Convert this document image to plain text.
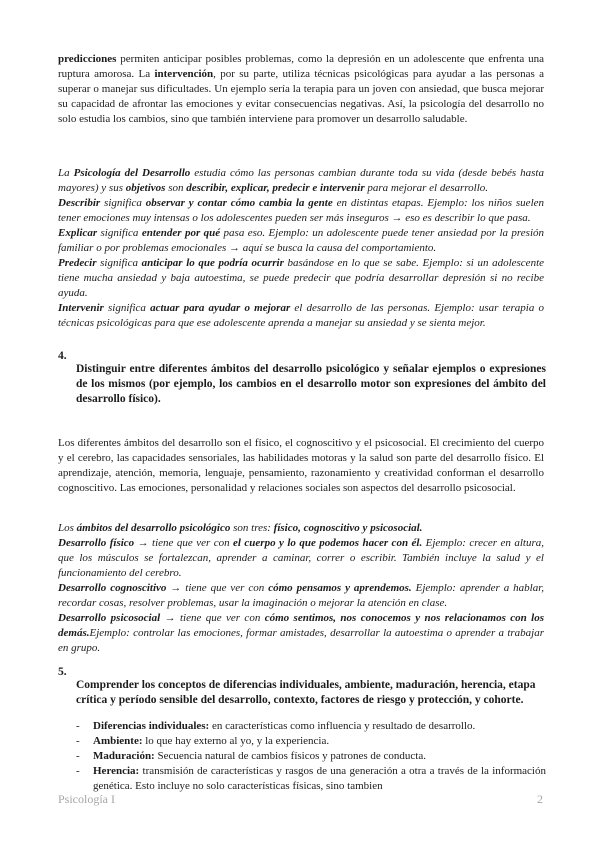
predicciones permiten anticipar posibles problemas, como la depresión en un adolescente que enfrenta una ruptura amorosa. La intervención, por su parte, utiliza técnicas psicológicas para ayudar a las personas a superar o manejar sus dificultades. Un ejemplo sería la terapia para un joven con ansiedad, que busca mejorar su capacidad de afrontar las emociones y evitar consecuencias negativas. Así, la psicología del desarrollo no solo estudia los cambios, sino que también interviene para promover un desarrollo saludable.

La Psicología del Desarrollo estudia cómo las personas cambian durante toda su vida (desde bebés hasta mayores) y sus objetivos son describir, explicar, predecir e intervenir para mejorar el desarrollo.

Describir significa observar y contar cómo cambia la gente en distintas etapas. Ejemplo: los niños suelen tener emociones muy intensas o los adolescentes pueden ser más inseguros → eso es describir lo que pasa.

Explicar significa entender por qué pasa eso. Ejemplo: un adolescente puede tener ansiedad por la presión familiar o por problemas emocionales → aquí se busca la causa del comportamiento.

Predecir significa anticipar lo que podría ocurrir basándose en lo que se sabe. Ejemplo: si un adolescente tiene mucha ansiedad y baja autoestima, se puede predecir que podría desarrollar depresión si no recibe ayuda.

Intervenir significa actuar para ayudar o mejorar el desarrollo de las personas. Ejemplo: usar terapia o técnicas psicológicas para que ese adolescente aprenda a manejar su ansiedad y se sienta mejor.

4.

Distinguir entre diferentes ámbitos del desarrollo psicológico y señalar ejemplos o expresiones de los mismos (por ejemplo, los cambios en el desarrollo motor son expresiones del ámbito del desarrollo físico).

Los diferentes ámbitos del desarrollo son el físico, el cognoscitivo y el psicosocial. El crecimiento del cuerpo y el cerebro, las capacidades sensoriales, las habilidades motoras y la salud son parte del desarrollo físico. El aprendizaje, atención, memoria, lenguaje, pensamiento, razonamiento y creatividad conforman el desarrollo cognoscitivo. Las emociones, personalidad y relaciones sociales son aspectos del desarrollo psicosocial.

Los ámbitos del desarrollo psicológico son tres: físico, cognoscitivo y psicosocial.

Desarrollo físico → tiene que ver con el cuerpo y lo que podemos hacer con él. Ejemplo: crecer en altura, que los músculos se fortalezcan, aprender a caminar, correr o escribir. También incluye la salud y el funcionamiento del cerebro.

Desarrollo cognoscitivo → tiene que ver con cómo pensamos y aprendemos. Ejemplo: aprender a hablar, recordar cosas, resolver problemas, usar la imaginación o mejorar la atención en clase.

Desarrollo psicosocial → tiene que ver con cómo sentimos, nos conocemos y nos relacionamos con los demás.Ejemplo: controlar las emociones, formar amistades, desarrollar la autoestima o aprender a trabajar en grupo.

5.

Comprender los conceptos de diferencias individuales, ambiente, maduración, herencia, etapa crítica y período sensible del desarrollo, contexto, factores de riesgo y protección, y cohorte.

- Diferencias individuales: en características como influencia y resultado de desarrollo.
- Ambiente: lo que hay externo al yo, y la experiencia.
- Maduración: Secuencia natural de cambios físicos y patrones de conducta.
- Herencia: transmisión de características y rasgos de una generación a otra a través de la información genética. Esto incluye no solo características físicas, sino tambien
Psicología I	2
